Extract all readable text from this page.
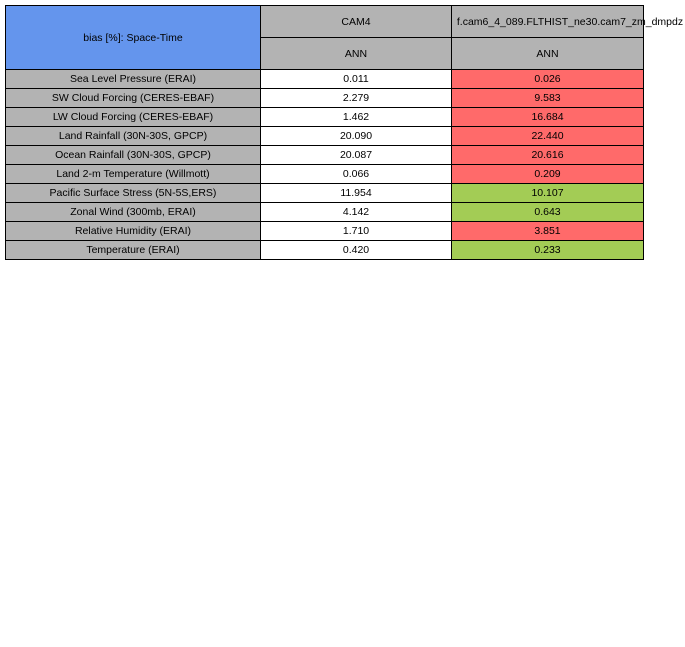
bias [%]: Space-Time	CAM4	f.cam6_4_089.FLTHIST_ne30.cam7_zm_dmpdz

	ANN	ANN
Sea Level Pressure (ERAI)	0.011	0.026
SW Cloud Forcing (CERES-EBAF)	2.279	9.583
LW Cloud Forcing (CERES-EBAF)	1.462	16.684
Land Rainfall (30N-30S, GPCP)	20.090	22.440
Ocean Rainfall (30N-30S, GPCP)	20.087	20.616
Land 2-m Temperature (Willmott)	0.066	0.209
Pacific Surface Stress (5N-5S,ERS)	11.954	10.107
Zonal Wind (300mb, ERAI)	4.142	0.643
Relative Humidity (ERAI)	1.710	3.851
Temperature (ERAI)	0.420	0.233
